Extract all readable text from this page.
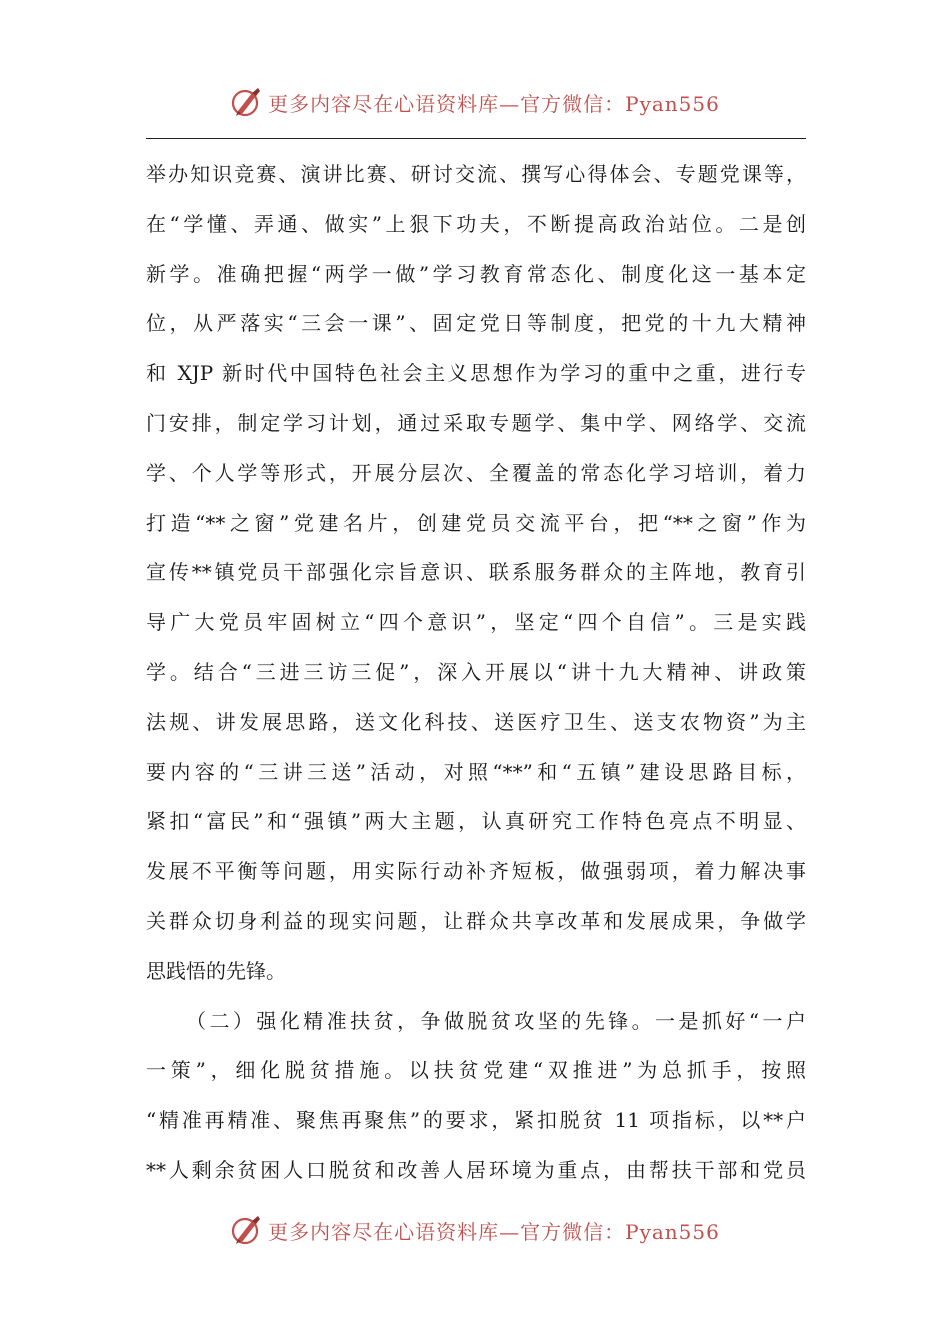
更多内容尽在心语资料库—官方微信：Pyan556
举办知识竞赛、演讲比赛、研讨交流、撰写心得体会、专题党课等，
在“学懂、弄通、做实”上狠下功夫，不断提高政治站位。二是创
新学。准确把握“两学一做”学习教育常态化、制度化这一基本定
位，从严落实“三会一课”、固定党日等制度，把党的十九大精神
和 XJP 新时代中国特色社会主义思想作为学习的重中之重，进行专
门安排，制定学习计划，通过采取专题学、集中学、网络学、交流
学、个人学等形式，开展分层次、全覆盖的常态化学习培训，着力
打造“**之窗”党建名片，创建党员交流平台，把“**之窗”作为
宣传**镇党员干部强化宗旨意识、联系服务群众的主阵地，教育引
导广大党员牢固树立“四个意识”，坚定“四个自信”。三是实践
学。结合“三进三访三促”，深入开展以“讲十九大精神、讲政策
法规、讲发展思路，送文化科技、送医疗卫生、送支农物资”为主
要内容的“三讲三送”活动，对照“**”和“五镇”建设思路目标，
紧扣“富民”和“强镇”两大主题，认真研究工作特色亮点不明显、
发展不平衡等问题，用实际行动补齐短板，做强弱项，着力解决事
关群众切身利益的现实问题，让群众共享改革和发展成果，争做学
思践悟的先锋。
（二）强化精准扶贫，争做脱贫攻坚的先锋。一是抓好“一户
一策”，细化脱贫措施。以扶贫党建“双推进”为总抓手，按照
“精准再精准、聚焦再聚焦”的要求，紧扣脱贫 11 项指标，以**户
**人剩余贫困人口脱贫和改善人居环境为重点，由帮扶干部和党员
更多内容尽在心语资料库—官方微信：Pyan556
